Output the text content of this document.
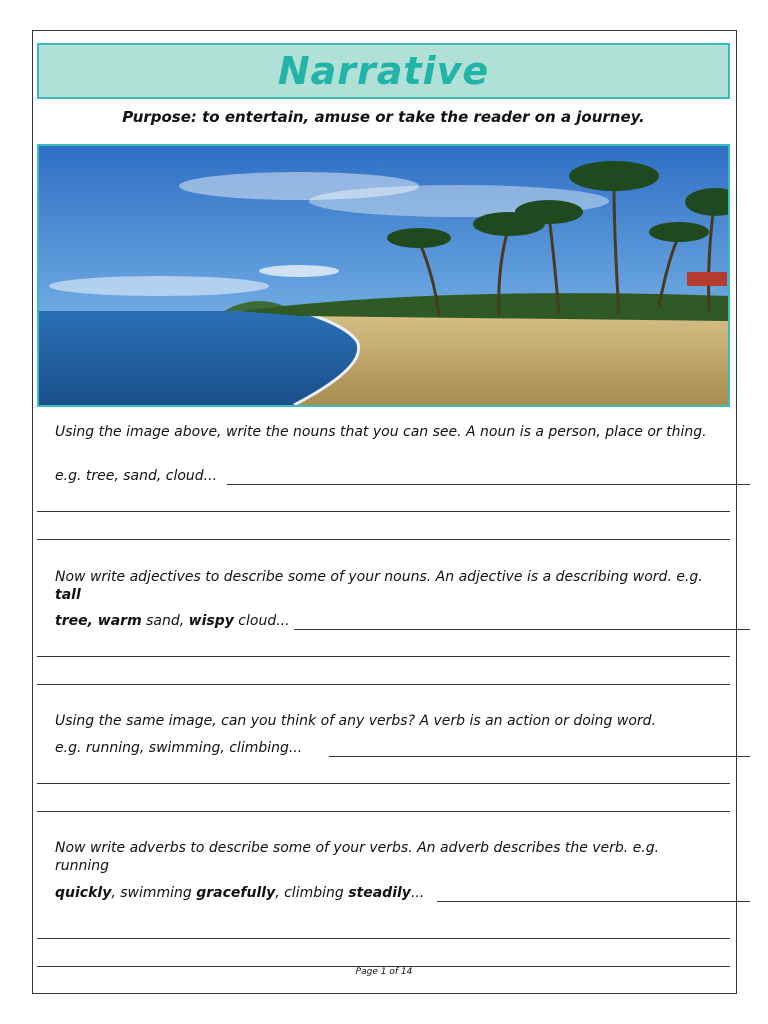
Narrative
Purpose: to entertain, amuse or take the reader on a journey.
Using the image above, write the nouns that you can see. A noun is a person, place or thing.
e.g. tree, sand, cloud...
Now write adjectives to describe some of your nouns. An adjective is a describing word. e.g. tall
tree, warm sand, wispy cloud...
Using the same image, can you think of any verbs? A verb is an action or doing word.
e.g. running, swimming, climbing...
Now write adverbs to describe some of your verbs. An adverb describes the verb. e.g. running
quickly, swimming gracefully, climbing steadily...
Page 1 of 14
